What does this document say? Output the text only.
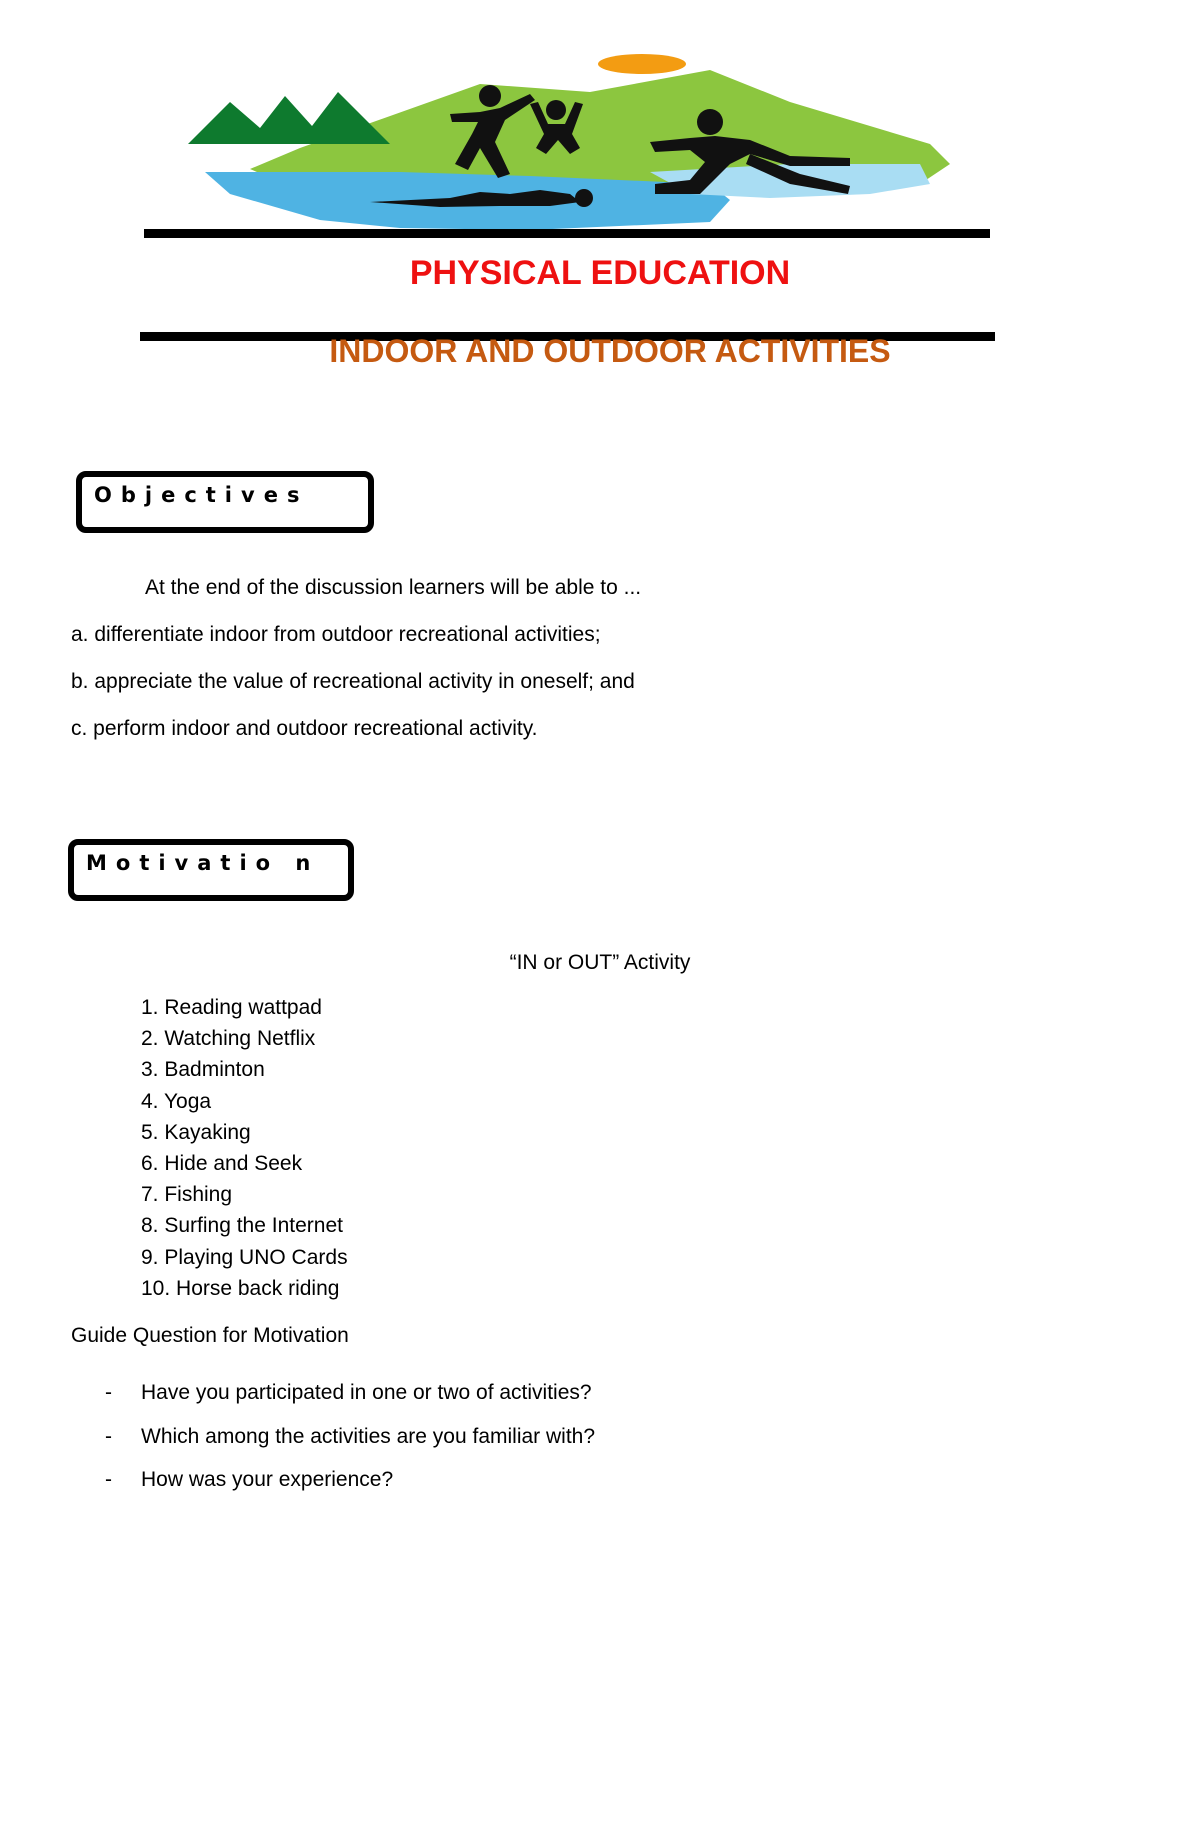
PHYSICAL EDUCATION
INDOOR AND OUTDOOR ACTIVITIES
Objectives
At the end of the discussion learners will be able to ...
a. differentiate indoor from outdoor recreational activities;
b. appreciate the value of recreational activity in oneself; and
c. perform indoor and outdoor recreational activity.
Motivatio n
“IN or OUT” Activity
1. Reading wattpad
2. Watching Netflix
3. Badminton
4. Yoga
5. Kayaking
6. Hide and Seek
7. Fishing
8. Surfing the Internet
9. Playing UNO Cards
10. Horse back riding
Guide Question for Motivation
-	Have you participated in one or two of activities?
-	Which among the activities are you familiar with?
-	How was your experience?
